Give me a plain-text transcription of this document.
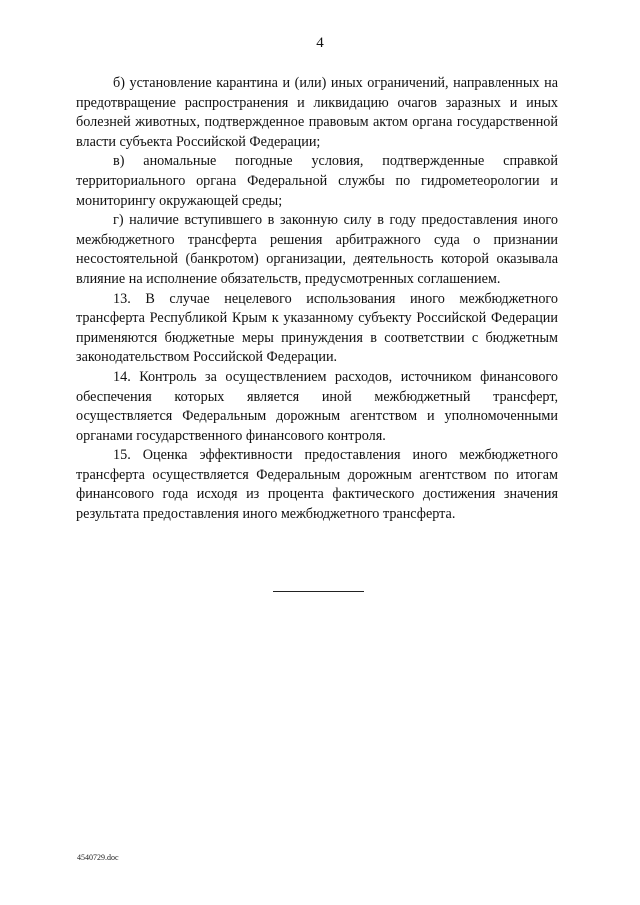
4

б) установление карантина и (или) иных ограничений, направленных на предотвращение распространения и ликвидацию очагов заразных и иных болезней животных, подтвержденное правовым актом органа государственной власти субъекта Российской Федерации;

в) аномальные погодные условия, подтвержденные справкой территориального органа Федеральной службы по гидрометеорологии и мониторингу окружающей среды;

г) наличие вступившего в законную силу в году предоставления иного межбюджетного трансферта решения арбитражного суда о признании несостоятельной (банкротом) организации, деятельность которой оказывала влияние на исполнение обязательств, предусмотренных соглашением.

13. В случае нецелевого использования иного межбюджетного трансферта Республикой Крым к указанному субъекту Российской Федерации применяются бюджетные меры принуждения в соответствии с бюджетным законодательством Российской Федерации.

14. Контроль за осуществлением расходов, источником финансового обеспечения которых является иной межбюджетный трансферт, осуществляется Федеральным дорожным агентством и уполномоченными органами государственного финансового контроля.

15. Оценка эффективности предоставления иного межбюджетного трансферта осуществляется Федеральным дорожным агентством по итогам финансового года исходя из процента фактического достижения значения результата предоставления иного межбюджетного трансферта.

4540729.doc
